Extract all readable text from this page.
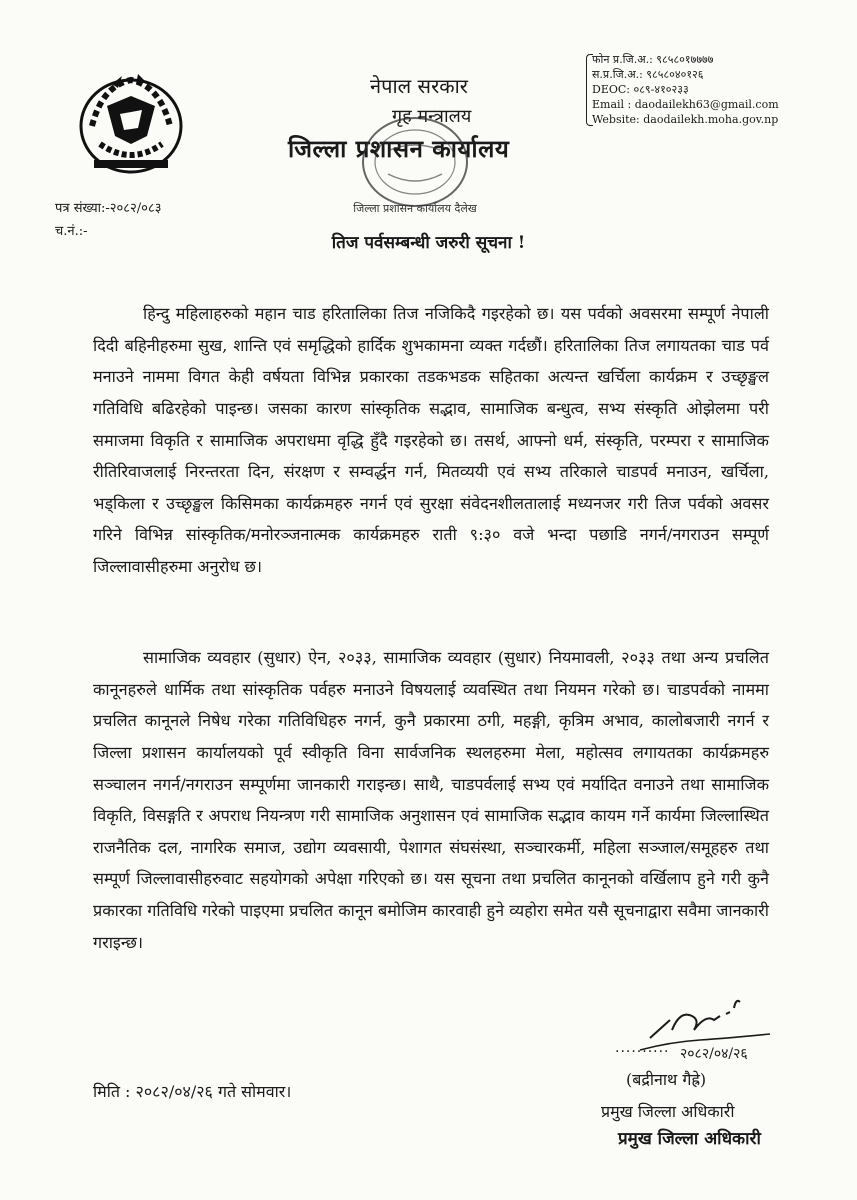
नेपाल सरकार
गृह मन्त्रालय
जिल्ला प्रशासन कार्यालय
जिल्ला प्रशासन कार्यालय दैलेख
फोन प्र.जि.अ.: ९८५८०१७७७७
स.प्र.जि.अ.: ९८५८०४०१२६
DEOC: ०८९-४१०२३३
Email : daodailekh63@gmail.com
Website: daodailekh.moha.gov.np
पत्र संख्या:-२०८२/०८३
च.नं.:-
तिज पर्वसम्बन्धी जरुरी सूचना !

हिन्दु महिलाहरुको महान चाड हरितालिका तिज नजिकिदै गइरहेको छ। यस पर्वको अवसरमा सम्पूर्ण नेपाली दिदी बहिनीहरुमा सुख, शान्ति एवं समृद्धिको हार्दिक शुभकामना व्यक्त गर्दछौं। हरितालिका तिज लगायतका चाड पर्व मनाउने नाममा विगत केही वर्षयता विभिन्न प्रकारका तडकभडक सहितका अत्यन्त खर्चिला कार्यक्रम र उच्छृङ्खल गतिविधि बढिरहेको पाइन्छ। जसका कारण सांस्कृतिक सद्भाव, सामाजिक बन्धुत्व, सभ्य संस्कृति ओझेलमा परी समाजमा विकृति र सामाजिक अपराधमा वृद्धि हुँदै गइरहेको छ। तसर्थ, आफ्नो धर्म, संस्कृति, परम्परा र सामाजिक रीतिरिवाजलाई निरन्तरता दिन, संरक्षण र सम्वर्द्धन गर्न, मितव्ययी एवं सभ्य तरिकाले चाडपर्व मनाउन, खर्चिला, भड्किला र उच्छृङ्खल किसिमका कार्यक्रमहरु नगर्न एवं सुरक्षा संवेदनशीलतालाई मध्यनजर गरी तिज पर्वको अवसर गरिने विभिन्न सांस्कृतिक/मनोरञ्जनात्मक कार्यक्रमहरु राती ९:३० वजे भन्दा पछाडि नगर्न/नगराउन सम्पूर्ण जिल्लावासीहरुमा अनुरोध छ।

सामाजिक व्यवहार (सुधार) ऐन, २०३३, सामाजिक व्यवहार (सुधार) नियमावली, २०३३ तथा अन्य प्रचलित कानूनहरुले धार्मिक तथा सांस्कृतिक पर्वहरु मनाउने विषयलाई व्यवस्थित तथा नियमन गरेको छ। चाडपर्वको नाममा प्रचलित कानूनले निषेध गरेका गतिविधिहरु नगर्न, कुनै प्रकारमा ठगी, महङ्गी, कृत्रिम अभाव, कालोबजारी नगर्न र जिल्ला प्रशासन कार्यालयको पूर्व स्वीकृति विना सार्वजनिक स्थलहरुमा मेला, महोत्सव लगायतका कार्यक्रमहरु सञ्चालन नगर्न/नगराउन सम्पूर्णमा जानकारी गराइन्छ। साथै, चाडपर्वलाई सभ्य एवं मर्यादित वनाउने तथा सामाजिक विकृति, विसङ्गति र अपराध नियन्त्रण गरी सामाजिक अनुशासन एवं सामाजिक सद्भाव कायम गर्ने कार्यमा जिल्लास्थित राजनैतिक दल, नागरिक समाज, उद्योग व्यवसायी, पेशागत संघसंस्था, सञ्चारकर्मी, महिला सञ्जाल/समूहहरु तथा सम्पूर्ण जिल्लावासीहरुवाट सहयोगको अपेक्षा गरिएको छ। यस सूचना तथा प्रचलित कानूनको वर्खिलाप हुने गरी कुनै प्रकारका गतिविधि गरेको पाइएमा प्रचलित कानून बमोजिम कारवाही हुने व्यहोरा समेत यसै सूचनाद्वारा सवैमा जानकारी गराइन्छ।

मिति : २०८२/०४/२६ गते सोमवार।
२०८२/०४/२६
..........
(बद्रीनाथ गैह्रे)
प्रमुख जिल्ला अधिकारी
प्रमुख जिल्ला अधिकारी
